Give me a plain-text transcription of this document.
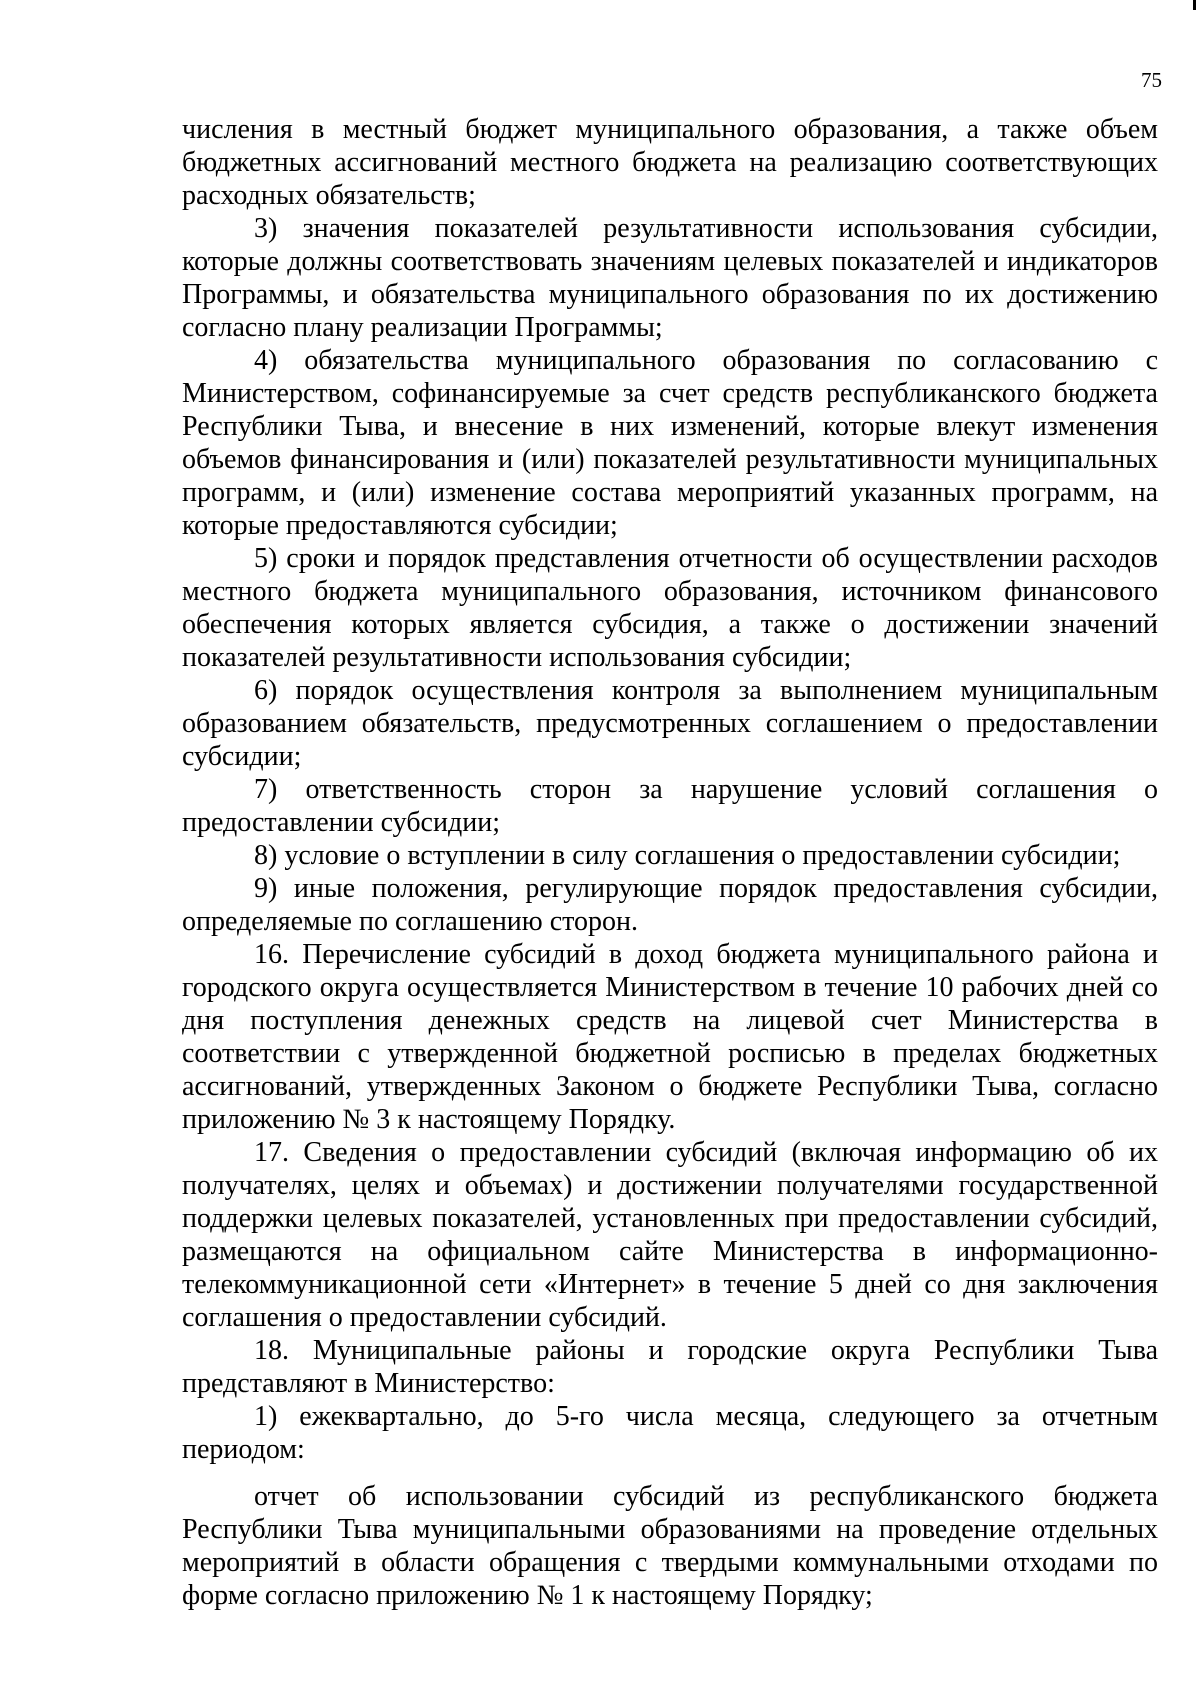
75

числения в местный бюджет муниципального образования, а также объем бюджетных ассигнований местного бюджета на реализацию соответствующих расходных обязательств;

3) значения показателей результативности использования субсидии, которые должны соответствовать значениям целевых показателей и индикаторов Программы, и обязательства муниципального образования по их достижению согласно плану реализации Программы;

4) обязательства муниципального образования по согласованию с Министерством, софинансируемые за счет средств республиканского бюджета Республики Тыва, и внесение в них изменений, которые влекут изменения объемов финансирования и (или) показателей результативности муниципальных программ, и (или) изменение состава мероприятий указанных программ, на которые предоставляются субсидии;

5) сроки и порядок представления отчетности об осуществлении расходов местного бюджета муниципального образования, источником финансового обеспечения которых является субсидия, а также о достижении значений показателей результативности использования субсидии;

6) порядок осуществления контроля за выполнением муниципальным образованием обязательств, предусмотренных соглашением о предоставлении субсидии;

7) ответственность сторон за нарушение условий соглашения о предоставлении субсидии;

8) условие о вступлении в силу соглашения о предоставлении субсидии;

9) иные положения, регулирующие порядок предоставления субсидии, определяемые по соглашению сторон.

16. Перечисление субсидий в доход бюджета муниципального района и городского округа осуществляется Министерством в течение 10 рабочих дней со дня поступления денежных средств на лицевой счет Министерства в соответствии с утвержденной бюджетной росписью в пределах бюджетных ассигнований, утвержденных Законом о бюджете Республики Тыва, согласно приложению № 3 к настоящему Порядку.

17. Сведения о предоставлении субсидий (включая информацию об их получателях, целях и объемах) и достижении получателями государственной поддержки целевых показателей, установленных при предоставлении субсидий, размещаются на официальном сайте Министерства в информационно-телекоммуникационной сети «Интернет» в течение 5 дней со дня заключения соглашения о предоставлении субсидий.

18. Муниципальные районы и городские округа Республики Тыва представляют в Министерство:

1) ежеквартально, до 5-го числа месяца, следующего за отчетным периодом:

отчет об использовании субсидий из республиканского бюджета Республики Тыва муниципальными образованиями на проведение отдельных мероприятий в области обращения с твердыми коммунальными отходами по форме согласно приложению № 1 к настоящему Порядку;
